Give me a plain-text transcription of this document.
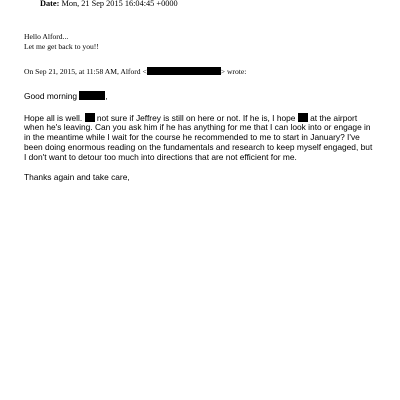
Date: Mon, 21 Sep 2015 16:04:45 +0000
Hello Alford...
Let me get back to you!!
On Sep 21, 2015, at 11:58 AM, Alford <	> wrote:

Good morning	,

Hope all is well. not sure if Jeffrey is still on here or not. If he is, I hope at the airport when he's leaving. Can you ask him if he has anything for me that I can look into or engage in in the meantime while I wait for the course he recommended to me to start in January? I've been doing enormous reading on the fundamentals and research to keep myself engaged, but I don't want to detour too much into directions that are not efficient for me.

Thanks again and take care,
